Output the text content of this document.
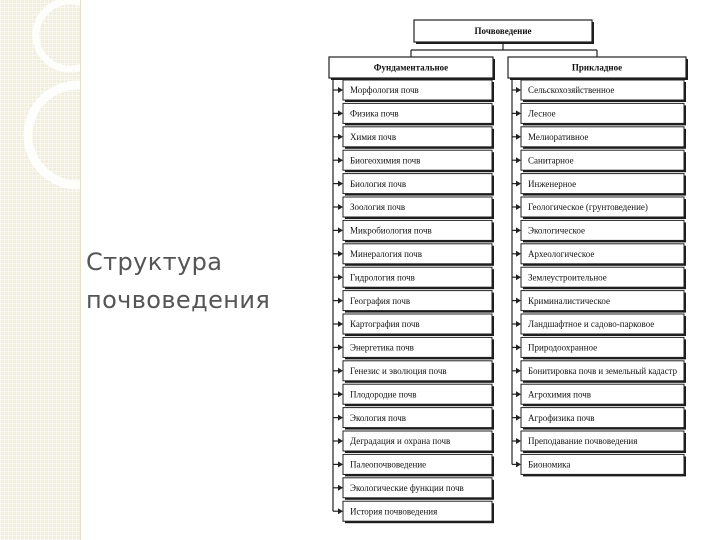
Структура
почвоведения
Почвоведение
Фундаментальное	Прикладное
Морфология почв
Физика почв
Химия почв
Биогеохимия почв
Биология почв
Зоология почв
Микробиология почв
Минералогия почв
Гидрология почв
География почв
Картография почв
Энергетика почв
Генезис и эволюция почв
Плодородие почв
Экология почв
Деградация и охрана почв
Палеопочвоведение
Экологические функции почв
История почвоведения
Сельскохозяйственное
Лесное
Мелиоративное
Санитарное
Инженерное
Геологическое (грунтоведение)
Экологическое
Археологическое
Землеустроительное
Криминалистическое
Ландшафтное и садово-парковое
Природоохранное
Бонитировка почв и земельный кадастр
Агрохимия почв
Агрофизика почв
Преподавание почвоведения
Биономика
